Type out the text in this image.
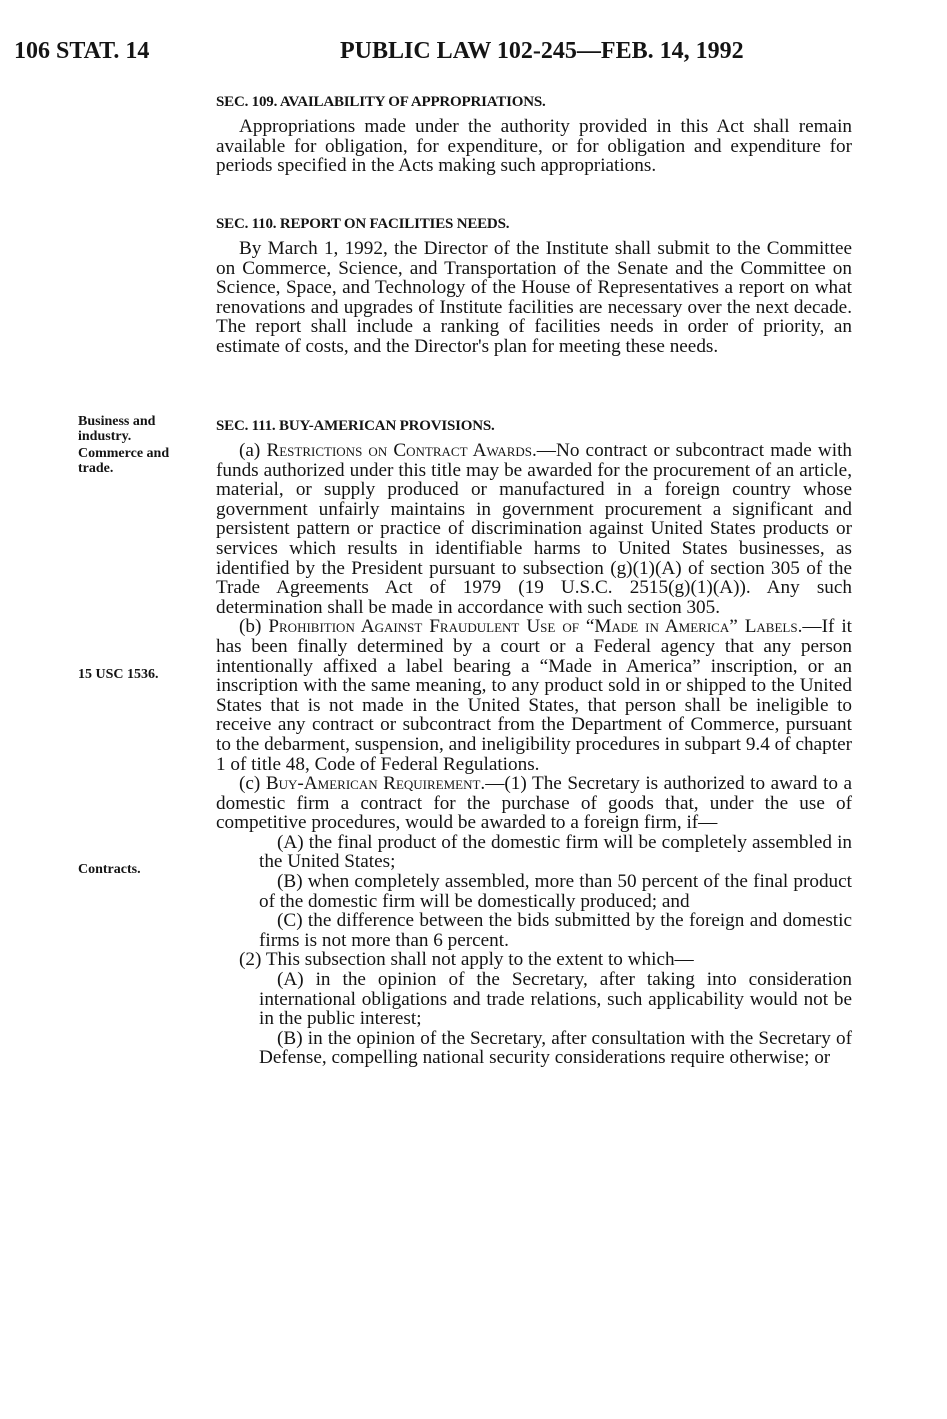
106 STAT. 14	PUBLIC LAW 102-245—FEB. 14, 1992
Business and industry.
Commerce and trade.
15 USC 1536.
Contracts.
SEC. 109. AVAILABILITY OF APPROPRIATIONS.

Appropriations made under the authority provided in this Act shall remain available for obligation, for expenditure, or for obligation and expenditure for periods specified in the Acts making such appropriations.

SEC. 110. REPORT ON FACILITIES NEEDS.

By March 1, 1992, the Director of the Institute shall submit to the Committee on Commerce, Science, and Transportation of the Senate and the Committee on Science, Space, and Technology of the House of Representatives a report on what renovations and upgrades of Institute facilities are necessary over the next decade. The report shall include a ranking of facilities needs in order of priority, an estimate of costs, and the Director's plan for meeting these needs.

SEC. 111. BUY-AMERICAN PROVISIONS.

(a) Restrictions on Contract Awards.—No contract or subcontract made with funds authorized under this title may be awarded for the procurement of an article, material, or supply produced or manufactured in a foreign country whose government unfairly maintains in government procurement a significant and persistent pattern or practice of discrimination against United States products or services which results in identifiable harms to United States businesses, as identified by the President pursuant to subsection (g)(1)(A) of section 305 of the Trade Agreements Act of 1979 (19 U.S.C. 2515(g)(1)(A)). Any such determination shall be made in accordance with such section 305.

(b) Prohibition Against Fraudulent Use of “Made in America” Labels.—If it has been finally determined by a court or a Federal agency that any person intentionally affixed a label bearing a “Made in America” inscription, or an inscription with the same meaning, to any product sold in or shipped to the United States that is not made in the United States, that person shall be ineligible to receive any contract or subcontract from the Department of Commerce, pursuant to the debarment, suspension, and ineligibility procedures in subpart 9.4 of chapter 1 of title 48, Code of Federal Regulations.

(c) Buy-American Requirement.—(1) The Secretary is authorized to award to a domestic firm a contract for the purchase of goods that, under the use of competitive procedures, would be awarded to a foreign firm, if—

(A) the final product of the domestic firm will be completely assembled in the United States;

(B) when completely assembled, more than 50 percent of the final product of the domestic firm will be domestically produced; and

(C) the difference between the bids submitted by the foreign and domestic firms is not more than 6 percent.

(2) This subsection shall not apply to the extent to which—

(A) in the opinion of the Secretary, after taking into consideration international obligations and trade relations, such applicability would not be in the public interest;

(B) in the opinion of the Secretary, after consultation with the Secretary of Defense, compelling national security considerations require otherwise; or
